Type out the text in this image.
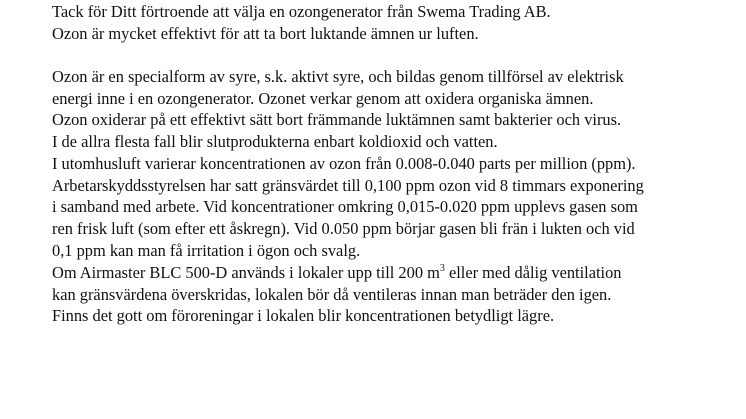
Tack för Ditt förtroende att välja en ozongenerator från Swema Trading AB.
Ozon är mycket effektivt för att ta bort luktande ämnen ur luften.

Ozon är en specialform av syre, s.k. aktivt syre, och bildas genom tillförsel av elektrisk
energi inne i en ozongenerator. Ozonet verkar genom att oxidera organiska ämnen.
Ozon oxiderar på ett effektivt sätt bort främmande luktämnen samt bakterier och virus.
I de allra flesta fall blir slutprodukterna enbart koldioxid och vatten.

I utomhusluft varierar koncentrationen av ozon från 0.008-0.040 parts per million (ppm).
Arbetarskyddsstyrelsen har satt gränsvärdet till 0,100 ppm ozon vid 8 timmars exponering
i samband med arbete. Vid koncentrationer omkring 0,015-0.020 ppm upplevs gasen som
ren frisk luft (som efter ett åskregn). Vid 0.050 ppm börjar gasen bli frän i lukten och vid
0,1 ppm kan man få irritation i ögon och svalg.

Om Airmaster BLC 500-D används i lokaler upp till 200 $m^3$ eller med dålig ventilation
kan gränsvärdena överskridas, lokalen bör då ventileras innan man beträder den igen.
Finns det gott om föroreningar i lokalen blir koncentrationen betydligt lägre.
